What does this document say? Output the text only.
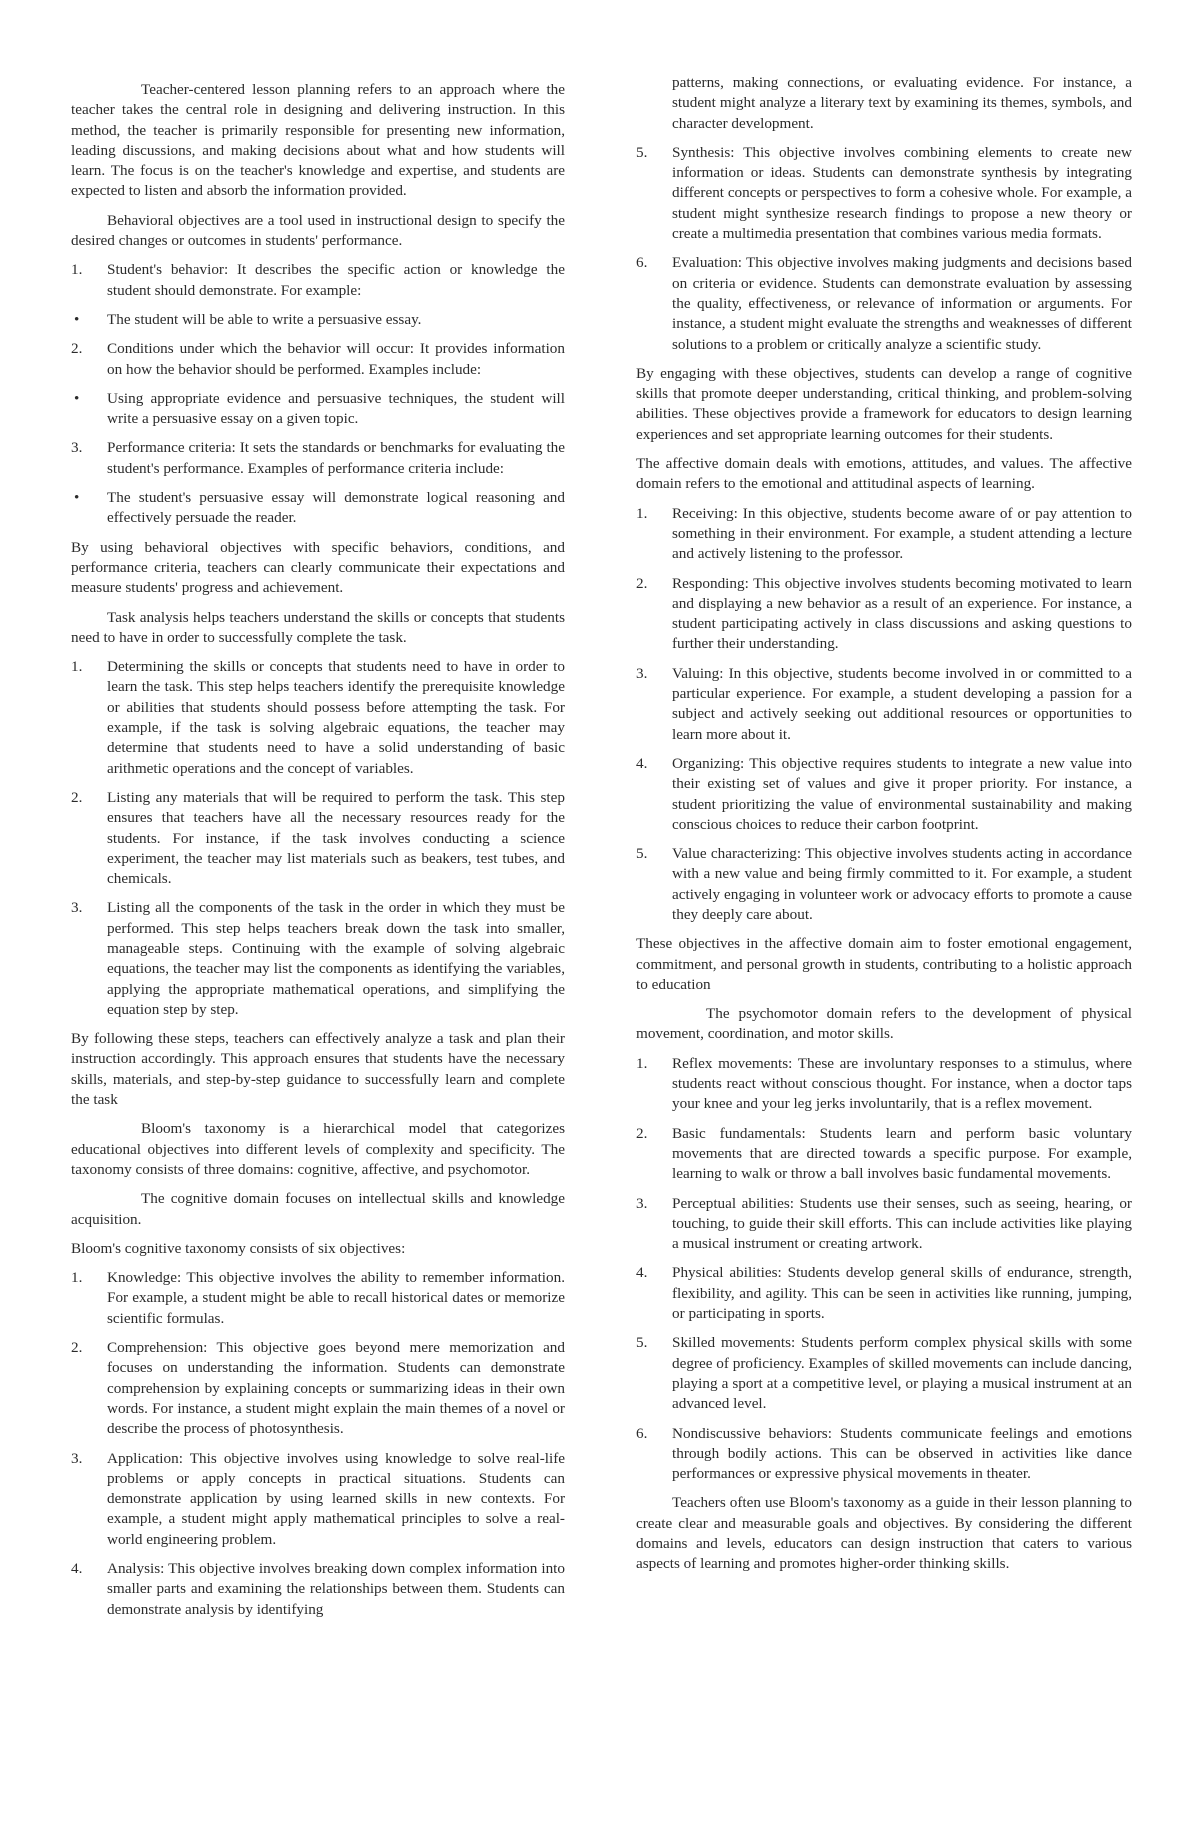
Teacher-centered lesson planning refers to an approach where the teacher takes the central role in designing and delivering instruction. In this method, the teacher is primarily responsible for presenting new information, leading discussions, and making decisions about what and how students will learn. The focus is on the teacher's knowledge and expertise, and students are expected to listen and absorb the information provided.

Behavioral objectives are a tool used in instructional design to specify the desired changes or outcomes in students' performance.

1. Student's behavior: It describes the specific action or knowledge the student should demonstrate. For example:
• The student will be able to write a persuasive essay.
2. Conditions under which the behavior will occur: It provides information on how the behavior should be performed. Examples include:
• Using appropriate evidence and persuasive techniques, the student will write a persuasive essay on a given topic.
3. Performance criteria: It sets the standards or benchmarks for evaluating the student's performance. Examples of performance criteria include:
• The student's persuasive essay will demonstrate logical reasoning and effectively persuade the reader.

By using behavioral objectives with specific behaviors, conditions, and performance criteria, teachers can clearly communicate their expectations and measure students' progress and achievement.

Task analysis helps teachers understand the skills or concepts that students need to have in order to successfully complete the task.

1. Determining the skills or concepts that students need to have in order to learn the task. This step helps teachers identify the prerequisite knowledge or abilities that students should possess before attempting the task. For example, if the task is solving algebraic equations, the teacher may determine that students need to have a solid understanding of basic arithmetic operations and the concept of variables.
2. Listing any materials that will be required to perform the task. This step ensures that teachers have all the necessary resources ready for the students. For instance, if the task involves conducting a science experiment, the teacher may list materials such as beakers, test tubes, and chemicals.
3. Listing all the components of the task in the order in which they must be performed. This step helps teachers break down the task into smaller, manageable steps. Continuing with the example of solving algebraic equations, the teacher may list the components as identifying the variables, applying the appropriate mathematical operations, and simplifying the equation step by step.

By following these steps, teachers can effectively analyze a task and plan their instruction accordingly. This approach ensures that students have the necessary skills, materials, and step-by-step guidance to successfully learn and complete the task

Bloom's taxonomy is a hierarchical model that categorizes educational objectives into different levels of complexity and specificity. The taxonomy consists of three domains: cognitive, affective, and psychomotor.

The cognitive domain focuses on intellectual skills and knowledge acquisition.

Bloom's cognitive taxonomy consists of six objectives:

1. Knowledge: This objective involves the ability to remember information. For example, a student might be able to recall historical dates or memorize scientific formulas.
2. Comprehension: This objective goes beyond mere memorization and focuses on understanding the information. Students can demonstrate comprehension by explaining concepts or summarizing ideas in their own words. For instance, a student might explain the main themes of a novel or describe the process of photosynthesis.
3. Application: This objective involves using knowledge to solve real-life problems or apply concepts in practical situations. Students can demonstrate application by using learned skills in new contexts. For example, a student might apply mathematical principles to solve a real-world engineering problem.
4. Analysis: This objective involves breaking down complex information into smaller parts and examining the relationships between them. Students can demonstrate analysis by identifying
patterns, making connections, or evaluating evidence. For instance, a student might analyze a literary text by examining its themes, symbols, and character development.
5. Synthesis: This objective involves combining elements to create new information or ideas. Students can demonstrate synthesis by integrating different concepts or perspectives to form a cohesive whole. For example, a student might synthesize research findings to propose a new theory or create a multimedia presentation that combines various media formats.
6. Evaluation: This objective involves making judgments and decisions based on criteria or evidence. Students can demonstrate evaluation by assessing the quality, effectiveness, or relevance of information or arguments. For instance, a student might evaluate the strengths and weaknesses of different solutions to a problem or critically analyze a scientific study.

By engaging with these objectives, students can develop a range of cognitive skills that promote deeper understanding, critical thinking, and problem-solving abilities. These objectives provide a framework for educators to design learning experiences and set appropriate learning outcomes for their students.

The affective domain deals with emotions, attitudes, and values. The affective domain refers to the emotional and attitudinal aspects of learning.

1. Receiving: In this objective, students become aware of or pay attention to something in their environment. For example, a student attending a lecture and actively listening to the professor.
2. Responding: This objective involves students becoming motivated to learn and displaying a new behavior as a result of an experience. For instance, a student participating actively in class discussions and asking questions to further their understanding.
3. Valuing: In this objective, students become involved in or committed to a particular experience. For example, a student developing a passion for a subject and actively seeking out additional resources or opportunities to learn more about it.
4. Organizing: This objective requires students to integrate a new value into their existing set of values and give it proper priority. For instance, a student prioritizing the value of environmental sustainability and making conscious choices to reduce their carbon footprint.
5. Value characterizing: This objective involves students acting in accordance with a new value and being firmly committed to it. For example, a student actively engaging in volunteer work or advocacy efforts to promote a cause they deeply care about.

These objectives in the affective domain aim to foster emotional engagement, commitment, and personal growth in students, contributing to a holistic approach to education

The psychomotor domain refers to the development of physical movement, coordination, and motor skills.

1. Reflex movements: These are involuntary responses to a stimulus, where students react without conscious thought. For instance, when a doctor taps your knee and your leg jerks involuntarily, that is a reflex movement.
2. Basic fundamentals: Students learn and perform basic voluntary movements that are directed towards a specific purpose. For example, learning to walk or throw a ball involves basic fundamental movements.
3. Perceptual abilities: Students use their senses, such as seeing, hearing, or touching, to guide their skill efforts. This can include activities like playing a musical instrument or creating artwork.
4. Physical abilities: Students develop general skills of endurance, strength, flexibility, and agility. This can be seen in activities like running, jumping, or participating in sports.
5. Skilled movements: Students perform complex physical skills with some degree of proficiency. Examples of skilled movements can include dancing, playing a sport at a competitive level, or playing a musical instrument at an advanced level.
6. Nondiscussive behaviors: Students communicate feelings and emotions through bodily actions. This can be observed in activities like dance performances or expressive physical movements in theater.

Teachers often use Bloom's taxonomy as a guide in their lesson planning to create clear and measurable goals and objectives. By considering the different domains and levels, educators can design instruction that caters to various aspects of learning and promotes higher-order thinking skills.
